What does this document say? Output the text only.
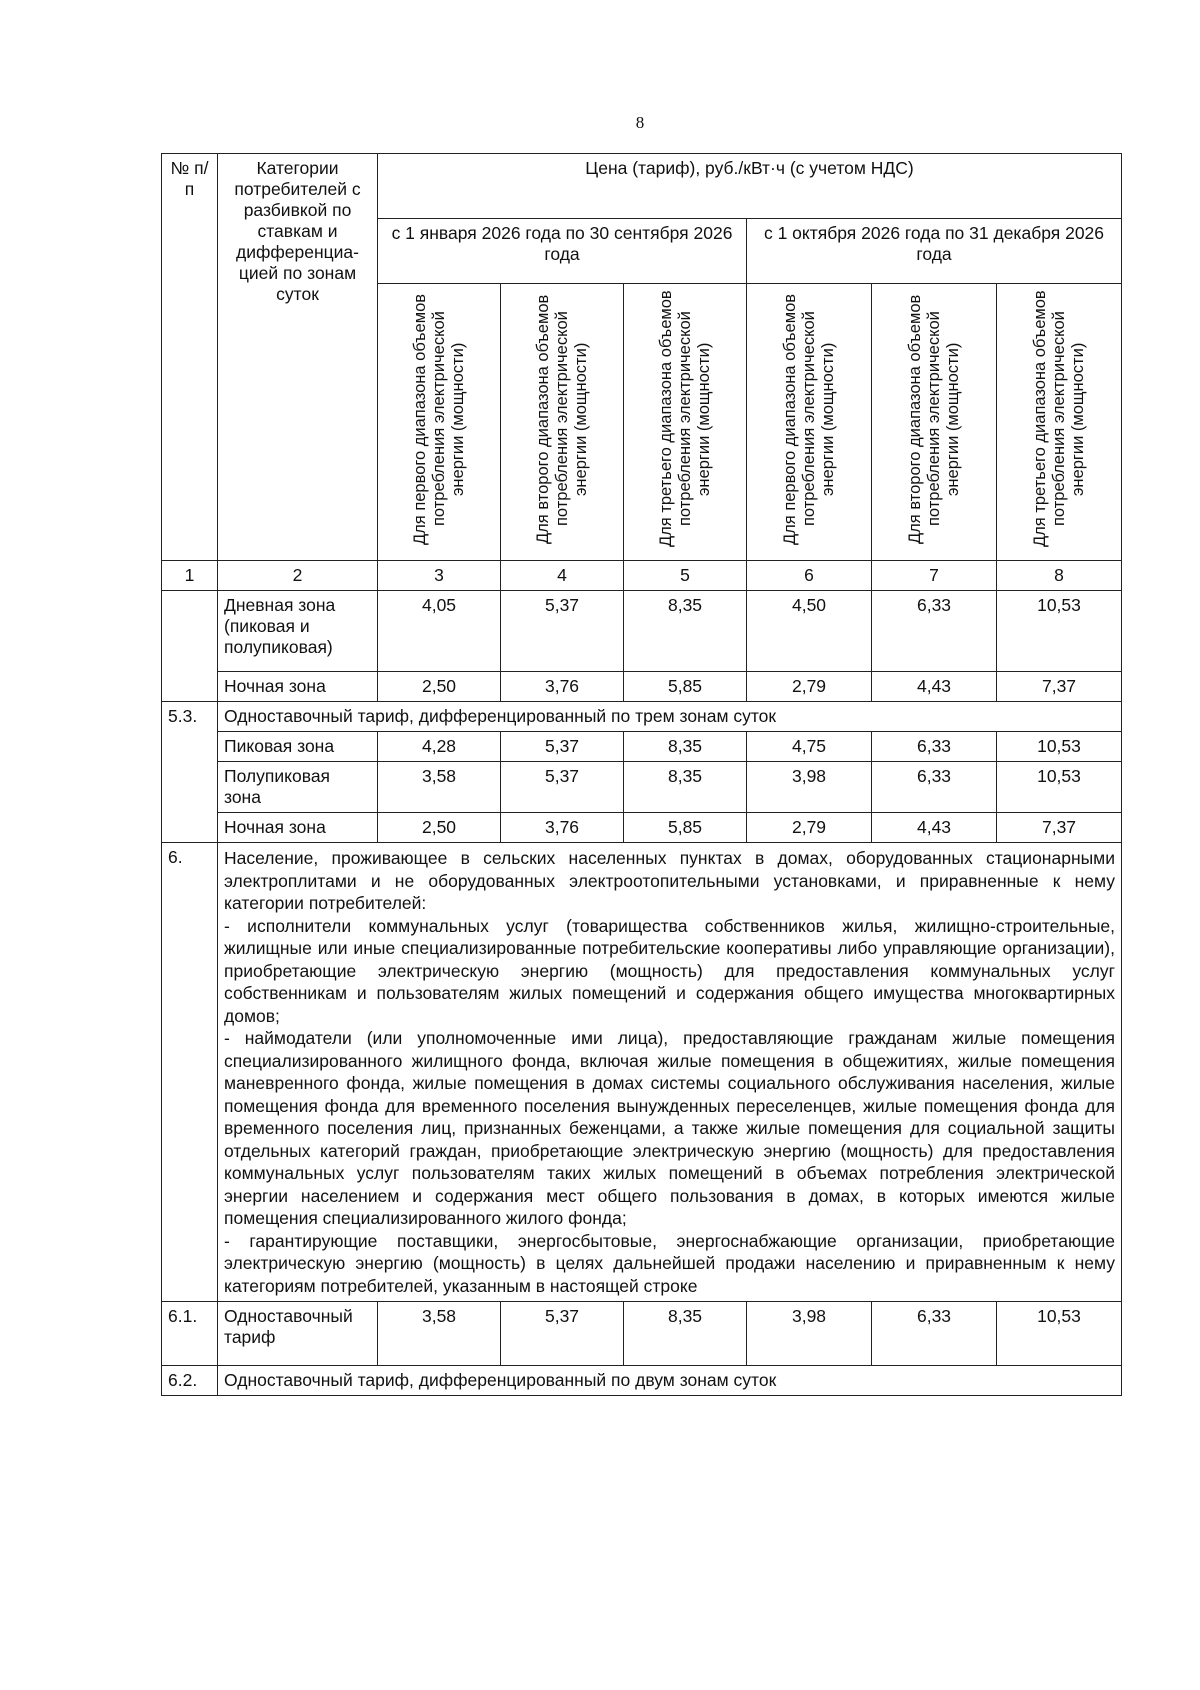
8
№ п/п	Категории потребителей с разбивкой по ставкам и дифференциа-цией по зонам суток	Цена (тариф), руб./кВт·ч (с учетом НДС)					
		с 1 января 2026 года по 30 сентября 2026 года			с 1 октября 2026 года по 31 декабря 2026 года		

		Для первого диапазона объемов потребления электрической энергии (мощности)	Для второго диапазона объемов потребления электрической энергии (мощности)	Для третьего диапазона объемов потребления электрической энергии (мощности)	Для первого диапазона объемов потребления электрической энергии (мощности)	Для второго диапазона объемов потребления электрической энергии (мощности)	Для третьего диапазона объемов потребления электрической энергии (мощности)

1	2	3	4	5	6	7	8
	Дневная зона (пиковая и полупиковая)	4,05	5,37	8,35	4,50	6,33	10,53
	Ночная зона	2,50	3,76	5,85	2,79	4,43	7,37
5.3.	Одноставочный тариф, дифференцированный по трем зонам суток						
	Пиковая зона	4,28	5,37	8,35	4,75	6,33	10,53
	Полупиковая зона	3,58	5,37	8,35	3,98	6,33	10,53
	Ночная зона	2,50	3,76	5,85	2,79	4,43	7,37
6.	Население, проживающее в сельских населенных пунктах в домах, оборудованных стационарными электроплитами и не оборудованных электроотопительными установками, и приравненные к нему категории потребителей:

- исполнители коммунальных услуг (товарищества собственников жилья, жилищно-строительные, жилищные или иные специализированные потребительские кооперативы либо управляющие организации), приобретающие электрическую энергию (мощность) для предоставления коммунальных услуг собственникам и пользователям жилых помещений и содержания общего имущества многоквартирных домов;

- наймодатели (или уполномоченные ими лица), предоставляющие гражданам жилые помещения специализированного жилищного фонда, включая жилые помещения в общежитиях, жилые помещения маневренного фонда, жилые помещения в домах системы социального обслуживания населения, жилые помещения фонда для временного поселения вынужденных переселенцев, жилые помещения фонда для временного поселения лиц, признанных беженцами, а также жилые помещения для социальной защиты отдельных категорий граждан, приобретающие электрическую энергию (мощность) для предоставления коммунальных услуг пользователям таких жилых помещений в объемах потребления электрической энергии населением и содержания мест общего пользования в домах, в которых имеются жилые помещения специализированного жилого фонда;

- гарантирующие поставщики, энергосбытовые, энергоснабжающие организации, приобретающие электрическую энергию (мощность) в целях дальнейшей продажи населению и приравненным к нему категориям потребителей, указанным в настоящей строке						

6.1.	Одноставочный тариф	3,58	5,37	8,35	3,98	6,33	10,53
6.2.	Одноставочный тариф, дифференцированный по двум зонам суток						
